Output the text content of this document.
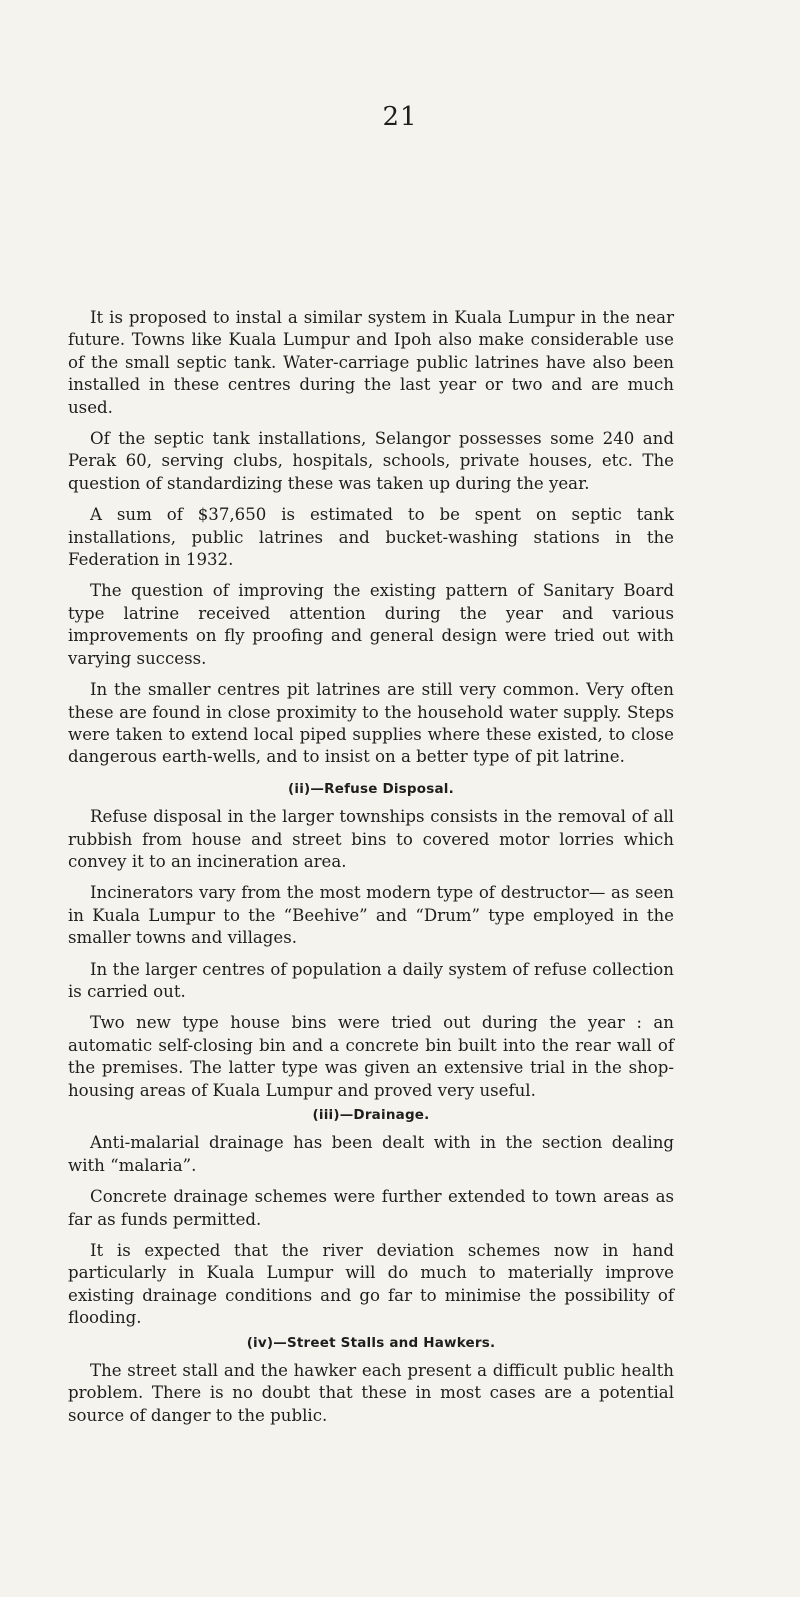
21

It is proposed to instal a similar system in Kuala Lumpur in the near future. Towns like Kuala Lumpur and Ipoh also make considerable use of the small septic tank. Water-carriage public latrines have also been installed in these centres during the last year or two and are much used.

Of the septic tank installations, Selangor possesses some 240 and Perak 60, serving clubs, hospitals, schools, private houses, etc. The question of standardizing these was taken up during the year.

A sum of $37,650 is estimated to be spent on septic tank installations, public latrines and bucket-washing stations in the Federation in 1932.

The question of improving the existing pattern of Sanitary Board type latrine received attention during the year and various improvements on fly proofing and general design were tried out with varying success.

In the smaller centres pit latrines are still very common. Very often these are found in close proximity to the household water supply. Steps were taken to extend local piped supplies where these existed, to close dangerous earth-wells, and to insist on a better type of pit latrine.

(ii)—Refuse Disposal.

Refuse disposal in the larger townships consists in the removal of all rubbish from house and street bins to covered motor lorries which convey it to an incineration area.

Incinerators vary from the most modern type of destructor— as seen in Kuala Lumpur to the “Beehive” and “Drum” type employed in the smaller towns and villages.

In the larger centres of population a daily system of refuse collection is carried out.

Two new type house bins were tried out during the year : an automatic self-closing bin and a concrete bin built into the rear wall of the premises. The latter type was given an extensive trial in the shop-housing areas of Kuala Lumpur and proved very useful.

(iii)—Drainage.

Anti-malarial drainage has been dealt with in the section dealing with “malaria”.

Concrete drainage schemes were further extended to town areas as far as funds permitted.

It is expected that the river deviation schemes now in hand particularly in Kuala Lumpur will do much to materially improve existing drainage conditions and go far to minimise the possibility of flooding.

(iv)—Street Stalls and Hawkers.

The street stall and the hawker each present a difficult public health problem. There is no doubt that these in most cases are a potential source of danger to the public.
